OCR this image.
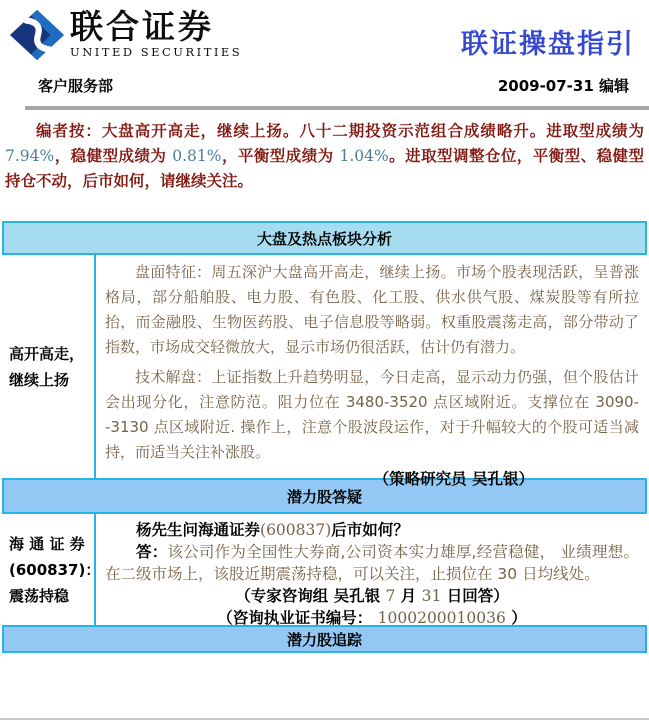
联合证券
UNITED SECURITIES	联证操盘指引
客户服务部	2009-07-31 编辑
编者按：大盘高开高走，继续上扬。八十二期投资示范组合成绩略升。进取型成绩为 7.94%，稳健型成绩为 0.81%，平衡型成绩为 1.04%。进取型调整仓位，平衡型、稳健型持仓不动，后市如何，请继续关注。
大盘及热点板块分析
高开高走，
继续上扬

盘面特征：周五深沪大盘高开高走，继续上扬。市场个股表现活跃，呈普涨格局，部分船舶股、电力股、有色股、化工股、供水供气股、煤炭股等有所拉抬，而金融股、生物医药股、电子信息股等略弱。权重股震荡走高，部分带动了指数，市场成交轻微放大，显示市场仍很活跃，估计仍有潜力。

技术解盘：上证指数上升趋势明显，今日走高，显示动力仍强，但个股估计会出现分化，注意防范。阻力位在 3480-3520 点区域附近。支撑位在 3090--3130 点区域附近. 操作上，注意个股波段运作，对于升幅较大的个股可适当减持，而适当关注补涨股。

（策略研究员 吴孔银）
潜力股答疑
海 通 证 券
(600837)：
震荡持稳

杨先生问海通证券(600837)后市如何？

答：该公司作为全国性大券商,公司资本实力雄厚,经营稳健， 业绩理想。在二级市场上，该股近期震荡持稳，可以关注，止损位在 30 日均线处。

（专家咨询组 吴孔银 7 月 31 日回答）

（咨询执业证书编号： 1000200010036 ）

潜力股追踪
